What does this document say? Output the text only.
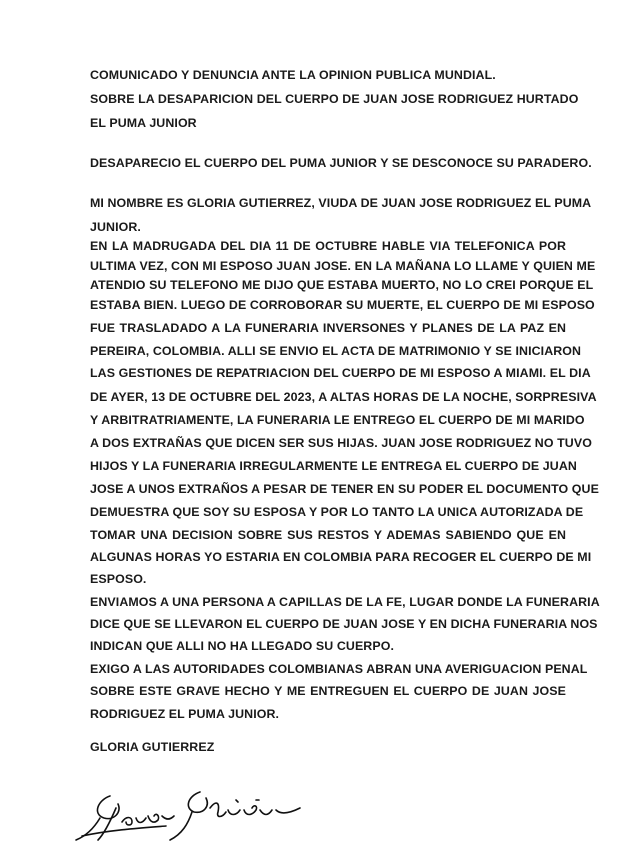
COMUNICADO Y DENUNCIA ANTE LA OPINION PUBLICA MUNDIAL.
SOBRE LA DESAPARICION DEL CUERPO DE JUAN JOSE RODRIGUEZ HURTADO
EL PUMA JUNIOR
DESAPARECIO EL CUERPO DEL PUMA JUNIOR Y SE DESCONOCE SU PARADERO.
MI NOMBRE ES GLORIA GUTIERREZ, VIUDA DE JUAN JOSE RODRIGUEZ EL PUMA
JUNIOR.
EN LA MADRUGADA DEL DIA 11 DE OCTUBRE HABLE VIA TELEFONICA POR
ULTIMA VEZ, CON MI ESPOSO JUAN JOSE. EN LA MAÑANA LO LLAME Y QUIEN ME
ATENDIO SU TELEFONO ME DIJO QUE ESTABA MUERTO, NO LO CREI PORQUE EL
ESTABA BIEN. LUEGO DE CORROBORAR SU MUERTE, EL CUERPO DE MI ESPOSO
FUE TRASLADADO A LA FUNERARIA INVERSONES Y PLANES DE LA PAZ EN
PEREIRA, COLOMBIA. ALLI SE ENVIO EL ACTA DE MATRIMONIO Y SE INICIARON
LAS GESTIONES DE REPATRIACION DEL CUERPO DE MI ESPOSO A MIAMI. EL DIA
DE AYER, 13 DE OCTUBRE DEL 2023, A ALTAS HORAS DE LA NOCHE, SORPRESIVA
Y ARBITRATRIAMENTE, LA FUNERARIA LE ENTREGO EL CUERPO DE MI MARIDO
A DOS EXTRAÑAS QUE DICEN SER SUS HIJAS. JUAN JOSE RODRIGUEZ NO TUVO
HIJOS Y LA FUNERARIA IRREGULARMENTE LE ENTREGA EL CUERPO DE JUAN
JOSE A UNOS EXTRAÑOS A PESAR DE TENER EN SU PODER EL DOCUMENTO QUE
DEMUESTRA QUE SOY SU ESPOSA Y POR LO TANTO LA UNICA AUTORIZADA DE
TOMAR UNA DECISION SOBRE SUS RESTOS Y ADEMAS SABIENDO QUE EN
ALGUNAS HORAS YO ESTARIA EN COLOMBIA PARA RECOGER EL CUERPO DE MI
ESPOSO.
ENVIAMOS A UNA PERSONA A CAPILLAS DE LA FE, LUGAR DONDE LA FUNERARIA
DICE QUE SE LLEVARON EL CUERPO DE JUAN JOSE Y EN DICHA FUNERARIA NOS
INDICAN QUE ALLI NO HA LLEGADO SU CUERPO.
EXIGO A LAS AUTORIDADES COLOMBIANAS ABRAN UNA AVERIGUACION PENAL
SOBRE ESTE GRAVE HECHO Y ME ENTREGUEN EL CUERPO DE JUAN JOSE
RODRIGUEZ EL PUMA JUNIOR.
GLORIA GUTIERREZ
